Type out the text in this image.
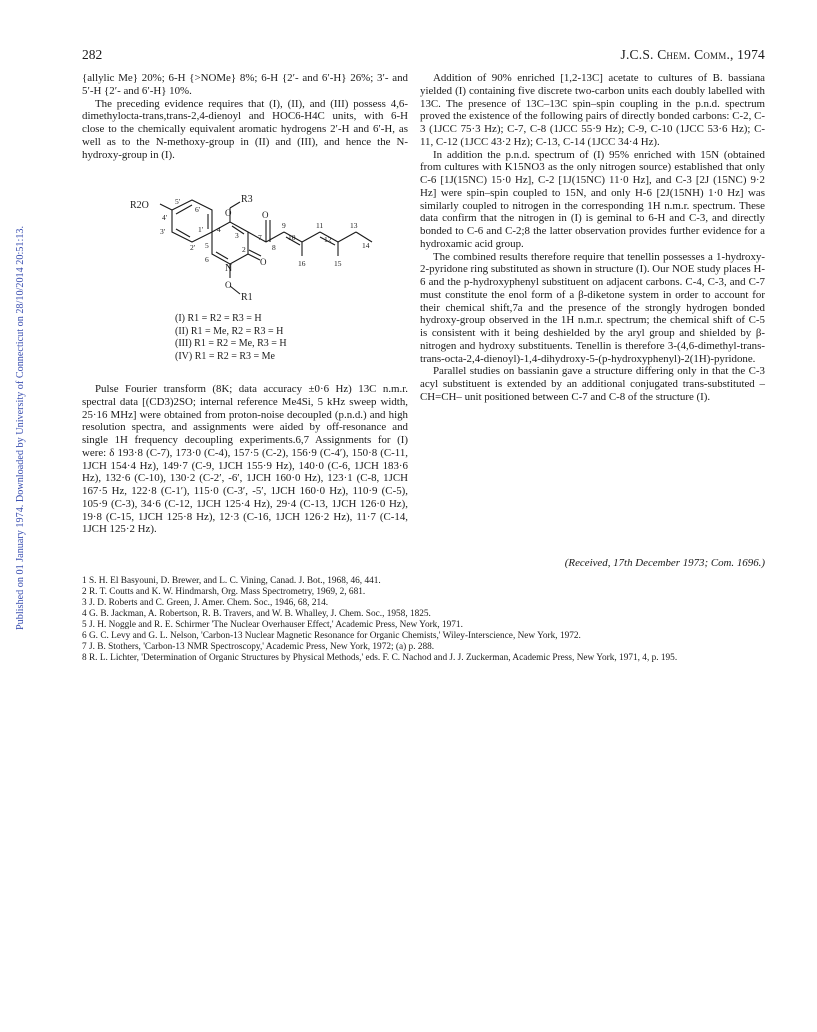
Published on 01 January 1974. Downloaded by University of Connecticut on 28/10/2014 20:51:13.
282	J.C.S. Chem. Comm., 1974

{allylic Me} 20%; 6-H {>NOMe} 8%; 6-H {2′- and 6′-H} 26%; 3′- and 5′-H {2′- and 6′-H} 10%.

The preceding evidence requires that (I), (II), and (III) possess 4,6-dimethylocta-trans,trans-2,4-dienoyl and HOC6-H4C units, with 6-H close to the chemically equivalent aromatic hydrogens 2′-H and 6′-H, as well as to the N-methoxy-group in (II) and (III), and hence the N-hydroxy-group in (I).

R2O
R3
O	O
O
N
O
R1
5′
6′
4′
3′
2′
1′
3
4
5
6
7
8
9
10
11
12
13
14
15
16
2
(I) R1 = R2 = R3 = H
(II) R1 = Me, R2 = R3 = H
(III) R1 = R2 = Me, R3 = H
(IV) R1 = R2 = R3 = Me

Pulse Fourier transform (8K; data accuracy ±0·6 Hz) 13C n.m.r. spectral data [(CD3)2SO; internal reference Me4Si, 5 kHz sweep width, 25·16 MHz] were obtained from proton-noise decoupled (p.n.d.) and high resolution spectra, and assignments were aided by off-resonance and single 1H frequency decoupling experiments.6,7 Assignments for (I) were: δ 193·8 (C-7), 173·0 (C-4), 157·5 (C-2), 156·9 (C-4′), 150·8 (C-11, 1JCH 154·4 Hz), 149·7 (C-9, 1JCH 155·9 Hz), 140·0 (C-6, 1JCH 183·6 Hz), 132·6 (C-10), 130·2 (C-2′, -6′, 1JCH 160·0 Hz), 123·1 (C-8, 1JCH 167·5 Hz, 122·8 (C-1′), 115·0 (C-3′, -5′, 1JCH 160·0 Hz), 110·9 (C-5), 105·9 (C-3), 34·6 (C-12, 1JCH 125·4 Hz), 29·4 (C-13, 1JCH 126·0 Hz), 19·8 (C-15, 1JCH 125·8 Hz), 12·3 (C-16, 1JCH 126·2 Hz), 11·7 (C-14, 1JCH 125·2 Hz).

Addition of 90% enriched [1,2-13C] acetate to cultures of B. bassiana yielded (I) containing five discrete two-carbon units each doubly labelled with 13C. The presence of 13C–13C spin–spin coupling in the p.n.d. spectrum proved the existence of the following pairs of directly bonded carbons: C-2, C-3 (1JCC 75·3 Hz); C-7, C-8 (1JCC 55·9 Hz); C-9, C-10 (1JCC 53·6 Hz); C-11, C-12 (1JCC 43·2 Hz); C-13, C-14 (1JCC 34·4 Hz).

In addition the p.n.d. spectrum of (I) 95% enriched with 15N (obtained from cultures with K15NO3 as the only nitrogen source) established that only C-6 [1J(15NC) 15·0 Hz], C-2 [1J(15NC) 11·0 Hz], and C-3 [2J (15NC) 9·2 Hz] were spin–spin coupled to 15N, and only H-6 [2J(15NH) 1·0 Hz] was similarly coupled to nitrogen in the corresponding 1H n.m.r. spectrum. These data confirm that the nitrogen in (I) is geminal to 6-H and C-3, and directly bonded to C-6 and C-2;8 the latter observation provides further evidence for a hydroxamic acid group.

The combined results therefore require that tenellin possesses a 1-hydroxy-2-pyridone ring substituted as shown in structure (I). Our NOE study places H-6 and the p-hydroxyphenyl substituent on adjacent carbons. C-4, C-3, and C-7 must constitute the enol form of a β-diketone system in order to account for their chemical shift,7a and the presence of the strongly hydrogen bonded hydroxy-group observed in the 1H n.m.r. spectrum; the chemical shift of C-5 is consistent with it being deshielded by the aryl group and shielded by β-nitrogen and hydroxy substituents. Tenellin is therefore 3-(4,6-dimethyl-trans-trans-octa-2,4-dienoyl)-1,4-dihydroxy-5-(p-hydroxyphenyl)-2(1H)-pyridone.

Parallel studies on bassianin gave a structure differing only in that the C-3 acyl substituent is extended by an additional conjugated trans-substituted –CH=CH– unit positioned between C-7 and C-8 of the structure (I).

(Received, 17th December 1973; Com. 1696.)
1 S. H. El Basyouni, D. Brewer, and L. C. Vining, Canad. J. Bot., 1968, 46, 441.
2 R. T. Coutts and K. W. Hindmarsh, Org. Mass Spectrometry, 1969, 2, 681.
3 J. D. Roberts and C. Green, J. Amer. Chem. Soc., 1946, 68, 214.
4 G. B. Jackman, A. Robertson, R. B. Travers, and W. B. Whalley, J. Chem. Soc., 1958, 1825.
5 J. H. Noggle and R. E. Schirmer 'The Nuclear Overhauser Effect,' Academic Press, New York, 1971.
6 G. C. Levy and G. L. Nelson, 'Carbon-13 Nuclear Magnetic Resonance for Organic Chemists,' Wiley-Interscience, New York, 1972.
7 J. B. Stothers, 'Carbon-13 NMR Spectroscopy,' Academic Press, New York, 1972; (a) p. 288.
8 R. L. Lichter, 'Determination of Organic Structures by Physical Methods,' eds. F. C. Nachod and J. J. Zuckerman, Academic Press, New York, 1971, 4, p. 195.
